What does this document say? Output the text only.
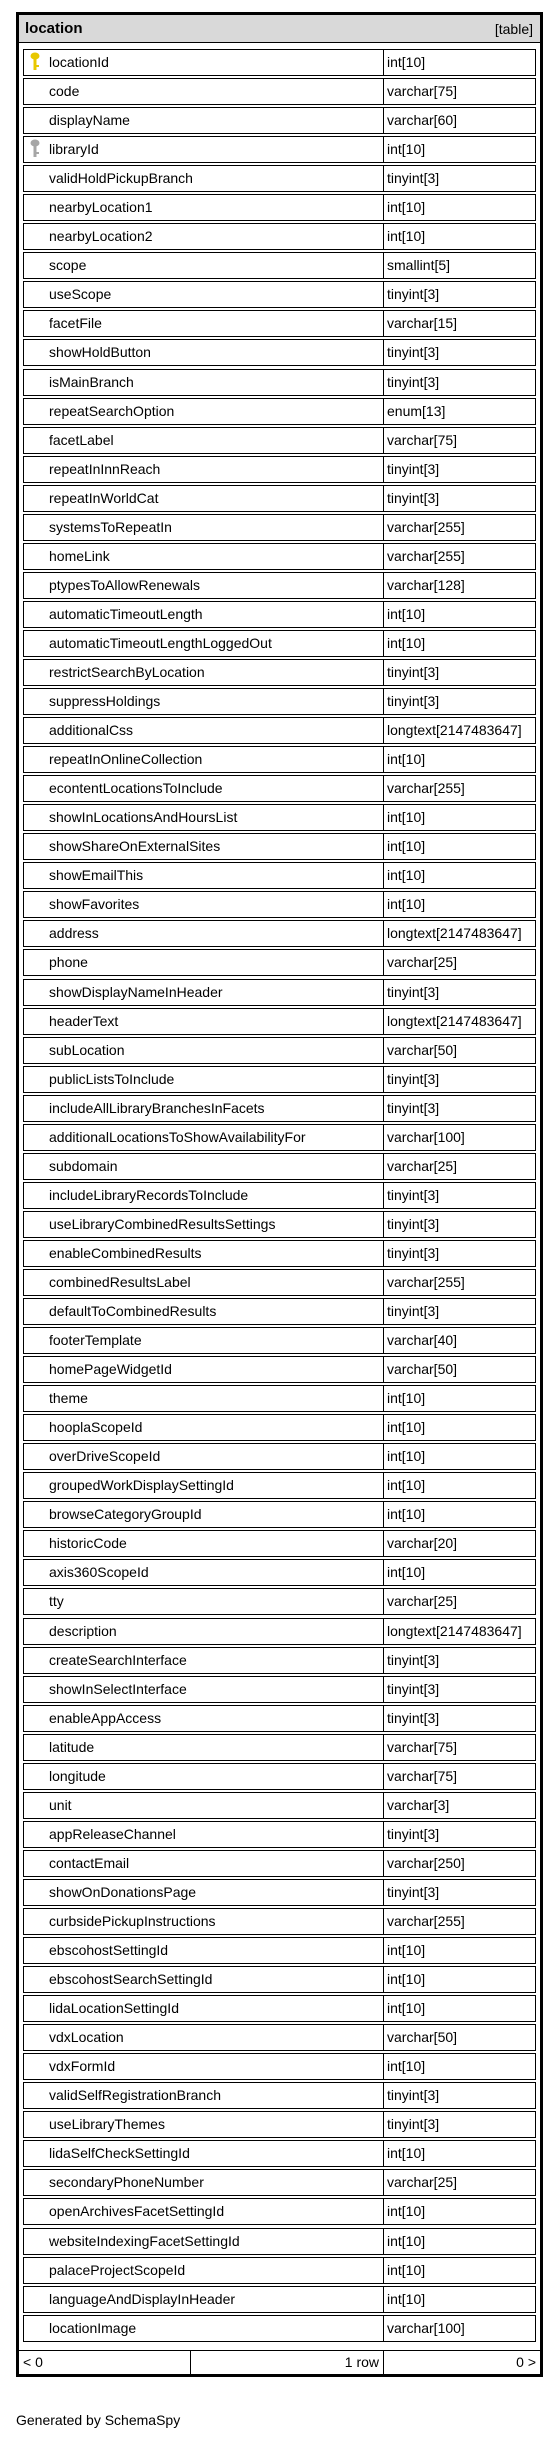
location	[table]
locationId	int[10]
code	varchar[75]
displayName	varchar[60]
libraryId	int[10]
validHoldPickupBranch	tinyint[3]
nearbyLocation1	int[10]
nearbyLocation2	int[10]
scope	smallint[5]
useScope	tinyint[3]
facetFile	varchar[15]
showHoldButton	tinyint[3]
isMainBranch	tinyint[3]
repeatSearchOption	enum[13]
facetLabel	varchar[75]
repeatInInnReach	tinyint[3]
repeatInWorldCat	tinyint[3]
systemsToRepeatIn	varchar[255]
homeLink	varchar[255]
ptypesToAllowRenewals	varchar[128]
automaticTimeoutLength	int[10]
automaticTimeoutLengthLoggedOut	int[10]
restrictSearchByLocation	tinyint[3]
suppressHoldings	tinyint[3]
additionalCss	longtext[2147483647]
repeatInOnlineCollection	int[10]
econtentLocationsToInclude	varchar[255]
showInLocationsAndHoursList	int[10]
showShareOnExternalSites	int[10]
showEmailThis	int[10]
showFavorites	int[10]
address	longtext[2147483647]
phone	varchar[25]
showDisplayNameInHeader	tinyint[3]
headerText	longtext[2147483647]
subLocation	varchar[50]
publicListsToInclude	tinyint[3]
includeAllLibraryBranchesInFacets	tinyint[3]
additionalLocationsToShowAvailabilityFor	varchar[100]
subdomain	varchar[25]
includeLibraryRecordsToInclude	tinyint[3]
useLibraryCombinedResultsSettings	tinyint[3]
enableCombinedResults	tinyint[3]
combinedResultsLabel	varchar[255]
defaultToCombinedResults	tinyint[3]
footerTemplate	varchar[40]
homePageWidgetId	varchar[50]
theme	int[10]
hooplaScopeId	int[10]
overDriveScopeId	int[10]
groupedWorkDisplaySettingId	int[10]
browseCategoryGroupId	int[10]
historicCode	varchar[20]
axis360ScopeId	int[10]
tty	varchar[25]
description	longtext[2147483647]
createSearchInterface	tinyint[3]
showInSelectInterface	tinyint[3]
enableAppAccess	tinyint[3]
latitude	varchar[75]
longitude	varchar[75]
unit	varchar[3]
appReleaseChannel	tinyint[3]
contactEmail	varchar[250]
showOnDonationsPage	tinyint[3]
curbsidePickupInstructions	varchar[255]
ebscohostSettingId	int[10]
ebscohostSearchSettingId	int[10]
lidaLocationSettingId	int[10]
vdxLocation	varchar[50]
vdxFormId	int[10]
validSelfRegistrationBranch	tinyint[3]
useLibraryThemes	tinyint[3]
lidaSelfCheckSettingId	int[10]
secondaryPhoneNumber	varchar[25]
openArchivesFacetSettingId	int[10]
websiteIndexingFacetSettingId	int[10]
palaceProjectScopeId	int[10]
languageAndDisplayInHeader	int[10]
locationImage	varchar[100]
< 0	1 row	0 >
Generated by SchemaSpy
